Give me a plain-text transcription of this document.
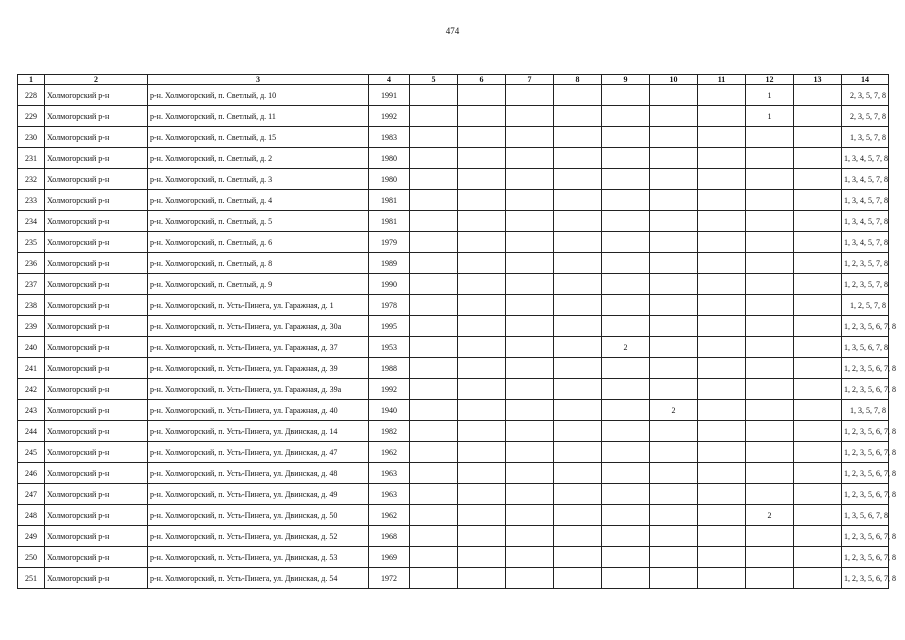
474
1	2	3	4	5	6	7	8	9	10	11	12	13	14
228	Холмогорский р-н	р-н. Холмогорский, п. Светлый, д. 10	1991								1		2, 3, 5, 7, 8
229	Холмогорский р-н	р-н. Холмогорский, п. Светлый, д. 11	1992								1		2, 3, 5, 7, 8
230	Холмогорский р-н	р-н. Холмогорский, п. Светлый, д. 15	1983										1, 3, 5, 7, 8
231	Холмогорский р-н	р-н. Холмогорский, п. Светлый, д. 2	1980										1, 3, 4, 5, 7, 8
232	Холмогорский р-н	р-н. Холмогорский, п. Светлый, д. 3	1980										1, 3, 4, 5, 7, 8
233	Холмогорский р-н	р-н. Холмогорский, п. Светлый, д. 4	1981										1, 3, 4, 5, 7, 8
234	Холмогорский р-н	р-н. Холмогорский, п. Светлый, д. 5	1981										1, 3, 4, 5, 7, 8
235	Холмогорский р-н	р-н. Холмогорский, п. Светлый, д. 6	1979										1, 3, 4, 5, 7, 8
236	Холмогорский р-н	р-н. Холмогорский, п. Светлый, д. 8	1989										1, 2, 3, 5, 7, 8
237	Холмогорский р-н	р-н. Холмогорский, п. Светлый, д. 9	1990										1, 2, 3, 5, 7, 8
238	Холмогорский р-н	р-н. Холмогорский, п. Усть-Пинега, ул. Гаражная, д. 1	1978										1, 2, 5, 7, 8
239	Холмогорский р-н	р-н. Холмогорский, п. Усть-Пинега, ул. Гаражная, д. 30а	1995										1, 2, 3, 5, 6, 7, 8
240	Холмогорский р-н	р-н. Холмогорский, п. Усть-Пинега, ул. Гаражная, д. 37	1953					2					1, 3, 5, 6, 7, 8
241	Холмогорский р-н	р-н. Холмогорский, п. Усть-Пинега, ул. Гаражная, д. 39	1988										1, 2, 3, 5, 6, 7, 8
242	Холмогорский р-н	р-н. Холмогорский, п. Усть-Пинега, ул. Гаражная, д. 39а	1992										1, 2, 3, 5, 6, 7, 8
243	Холмогорский р-н	р-н. Холмогорский, п. Усть-Пинега, ул. Гаражная, д. 40	1940						2				1, 3, 5, 7, 8
244	Холмогорский р-н	р-н. Холмогорский, п. Усть-Пинега, ул. Двинская, д. 14	1982										1, 2, 3, 5, 6, 7, 8
245	Холмогорский р-н	р-н. Холмогорский, п. Усть-Пинега, ул. Двинская, д. 47	1962										1, 2, 3, 5, 6, 7, 8
246	Холмогорский р-н	р-н. Холмогорский, п. Усть-Пинега, ул. Двинская, д. 48	1963										1, 2, 3, 5, 6, 7, 8
247	Холмогорский р-н	р-н. Холмогорский, п. Усть-Пинега, ул. Двинская, д. 49	1963										1, 2, 3, 5, 6, 7, 8
248	Холмогорский р-н	р-н. Холмогорский, п. Усть-Пинега, ул. Двинская, д. 50	1962								2		1, 3, 5, 6, 7, 8
249	Холмогорский р-н	р-н. Холмогорский, п. Усть-Пинега, ул. Двинская, д. 52	1968										1, 2, 3, 5, 6, 7, 8
250	Холмогорский р-н	р-н. Холмогорский, п. Усть-Пинега, ул. Двинская, д. 53	1969										1, 2, 3, 5, 6, 7, 8
251	Холмогорский р-н	р-н. Холмогорский, п. Усть-Пинега, ул. Двинская, д. 54	1972										1, 2, 3, 5, 6, 7, 8
